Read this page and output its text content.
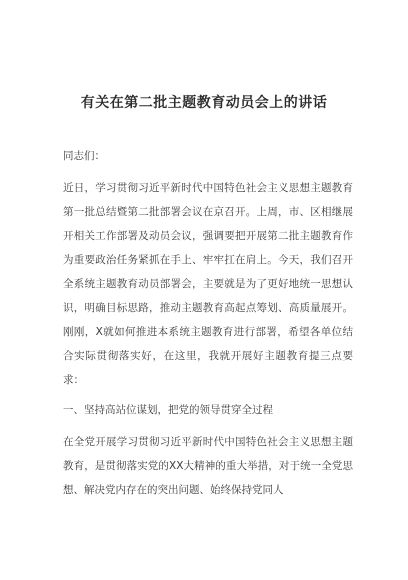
有关在第二批主题教育动员会上的讲话

同志们：

近日，学习贯彻习近平新时代中国特色社会主义思想主题教育第一批总结暨第二批部署会议在京召开。上周，市、区相继展开相关工作部署及动员会议，强调要把开展第二批主题教育作为重要政治任务紧抓在手上、牢牢扛在肩上。今天，我们召开全系统主题教育动员部署会，主要就是为了更好地统一思想认识，明确目标思路，推动主题教育高起点筹划、高质量展开。刚刚，X就如何推进本系统主题教育进行部署，希望各单位结合实际贯彻落实好，在这里，我就开展好主题教育提三点要求：

一、坚持高站位谋划，把党的领导贯穿全过程

在全党开展学习贯彻习近平新时代中国特色社会主义思想主题教育，是贯彻落实党的XX大精神的重大举措，对于统一全党思想、解决党内存在的突出问题、始终保持党同人
